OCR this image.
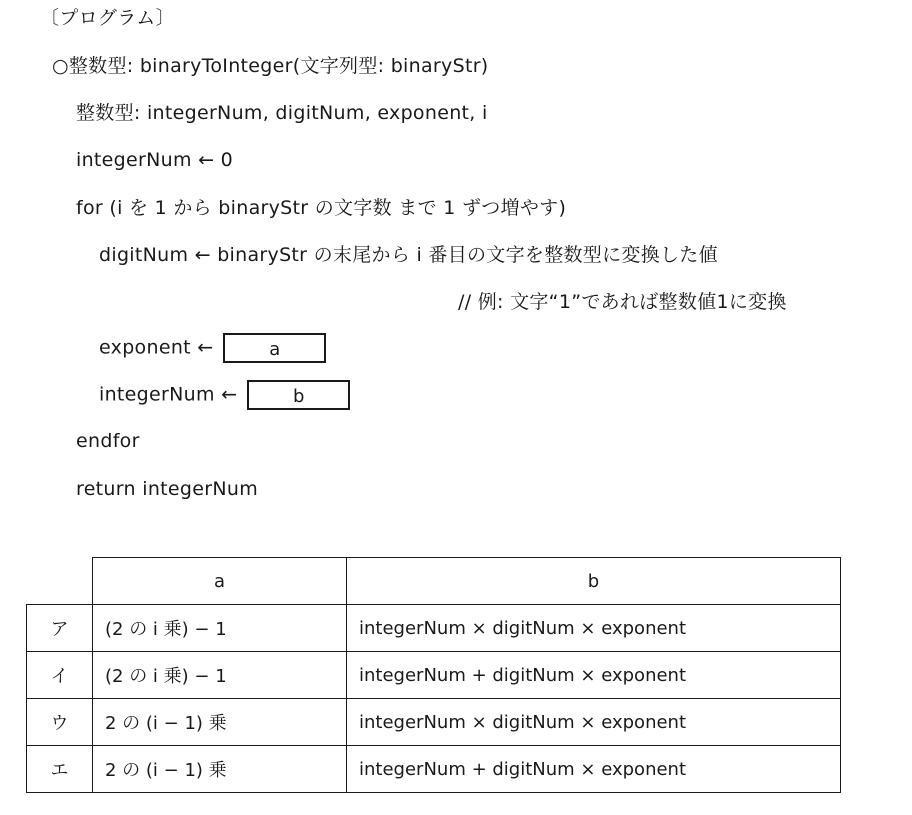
〔プログラム〕
○整数型: binaryToInteger(文字列型: binaryStr)
整数型: integerNum, digitNum, exponent, i
integerNum ← 0
for (i を 1 から binaryStr の文字数 まで 1 ずつ増やす)
digitNum ← binaryStr の末尾から i 番目の文字を整数型に変換した値
// 例: 文字“1”であれば整数値1に変換
exponent ←	a
integerNum ←	b
endfor
return integerNum
	a	b
ア	(2 の i 乗) − 1	integerNum × digitNum × exponent
イ	(2 の i 乗) − 1	integerNum + digitNum × exponent
ウ	2 の (i − 1) 乗	integerNum × digitNum × exponent
エ	2 の (i − 1) 乗	integerNum + digitNum × exponent
